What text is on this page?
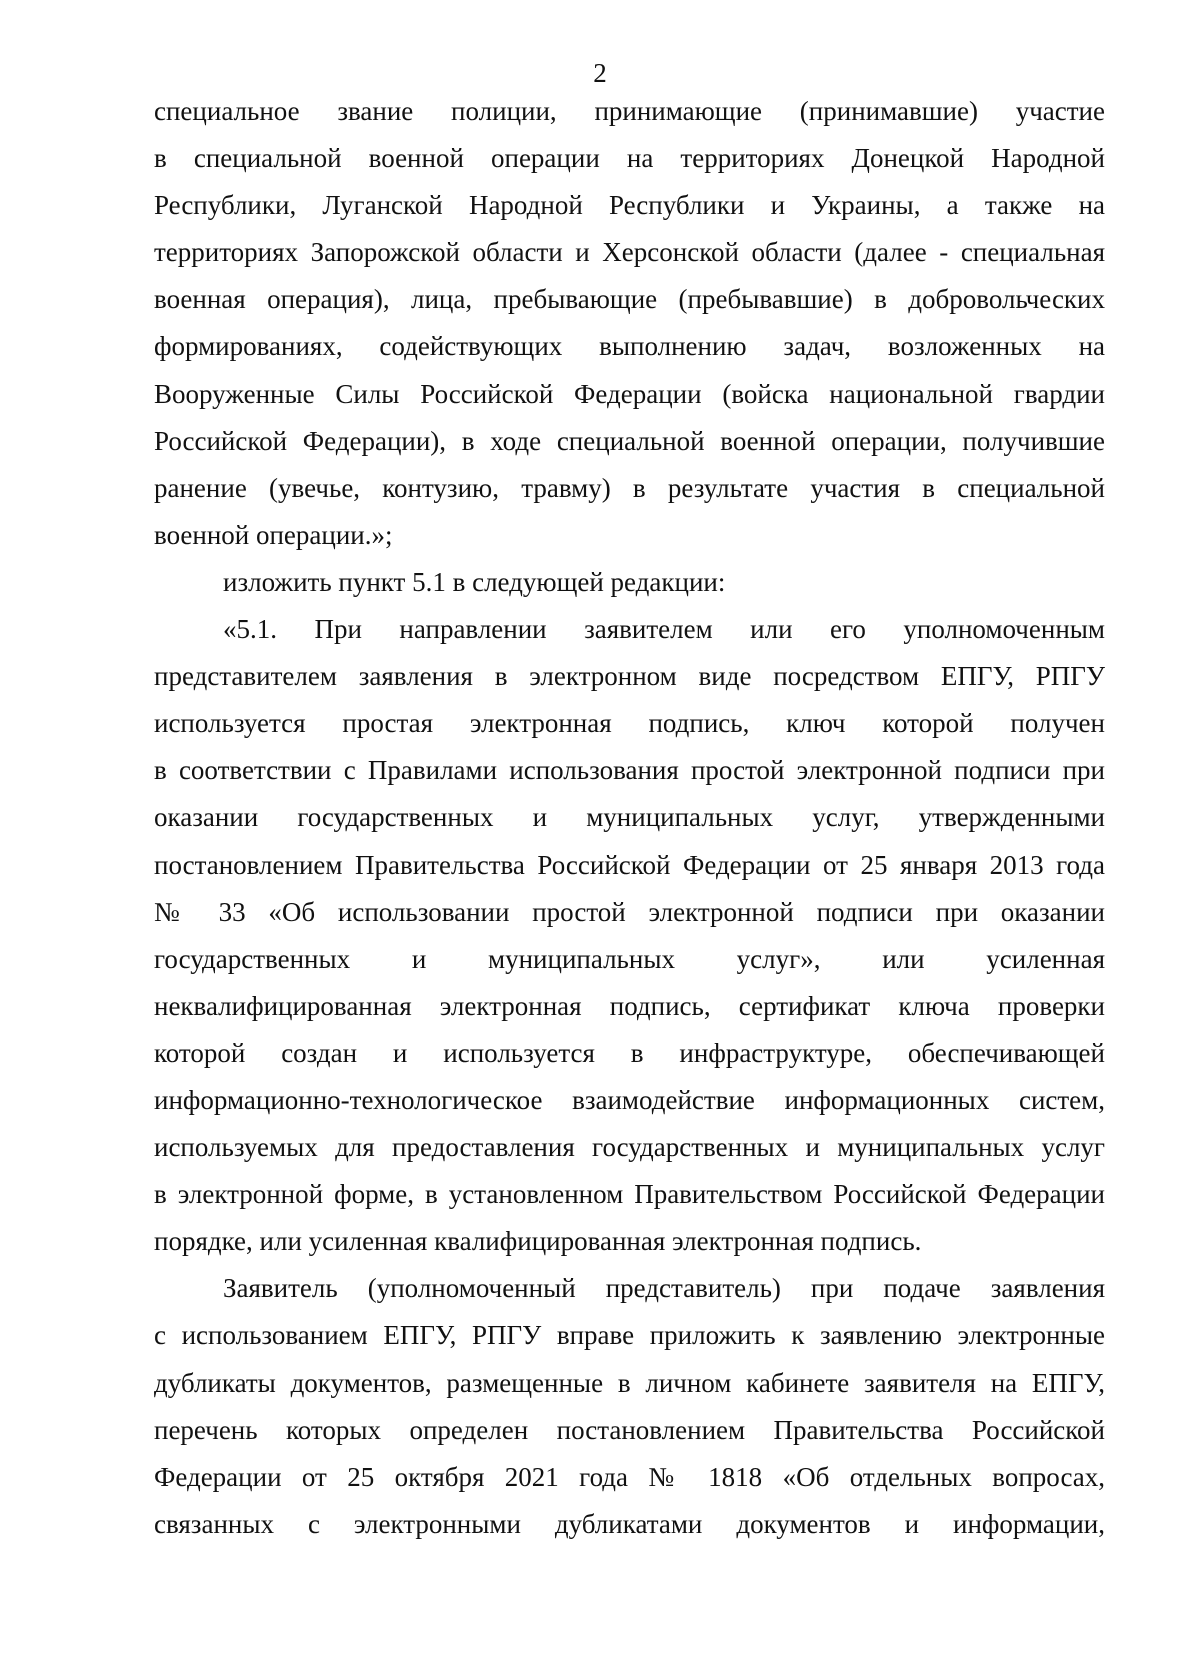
2
специальное звание полиции, принимающие (принимавшие) участие
в специальной военной операции на территориях Донецкой Народной
Республики, Луганской Народной Республики и Украины, а также на
территориях Запорожской области и Херсонской области (далее - специальная
военная операция), лица, пребывающие (пребывавшие) в добровольческих
формированиях, содействующих выполнению задач, возложенных на
Вооруженные Силы Российской Федерации (войска национальной гвардии
Российской Федерации), в ходе специальной военной операции, получившие
ранение (увечье, контузию, травму) в результате участия в специальной
военной операции.»;
изложить пункт 5.1 в следующей редакции:
«5.1. При направлении заявителем или его уполномоченным
представителем заявления в электронном виде посредством ЕПГУ, РПГУ
используется простая электронная подпись, ключ которой получен
в соответствии с Правилами использования простой электронной подписи при
оказании государственных и муниципальных услуг, утвержденными
постановлением Правительства Российской Федерации от 25 января 2013 года
№ 33 «Об использовании простой электронной подписи при оказании
государственных и муниципальных услуг», или усиленная
неквалифицированная электронная подпись, сертификат ключа проверки
которой создан и используется в инфраструктуре, обеспечивающей
информационно-технологическое взаимодействие информационных систем,
используемых для предоставления государственных и муниципальных услуг
в электронной форме, в установленном Правительством Российской Федерации
порядке, или усиленная квалифицированная электронная подпись.
Заявитель (уполномоченный представитель) при подаче заявления
с использованием ЕПГУ, РПГУ вправе приложить к заявлению электронные
дубликаты документов, размещенные в личном кабинете заявителя на ЕПГУ,
перечень которых определен постановлением Правительства Российской
Федерации от 25 октября 2021 года № 1818 «Об отдельных вопросах,
связанных с электронными дубликатами документов и информации,
